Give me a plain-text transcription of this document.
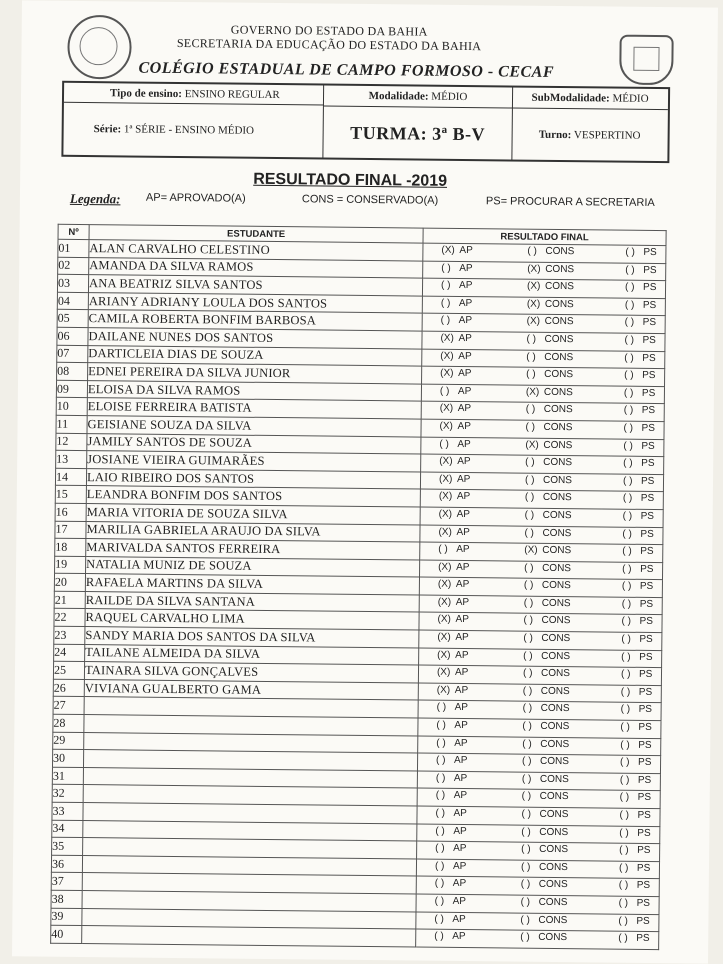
GOVERNO DO ESTADO DA BAHIA
SECRETARIA DA EDUCAÇÃO DO ESTADO DA BAHIA
COLÉGIO ESTADUAL DE CAMPO FORMOSO - CECAF
Tipo de ensino: ENSINO REGULAR	Modalidade: MÉDIO	SubModalidade: MÉDIO
Série: 1ª SÉRIE - ENSINO MÉDIO	TURMA: 3ª B-V	Turno: VESPERTINO
RESULTADO FINAL -2019
Legenda: AP= APROVADO(A)	CONS = CONSERVADO(A)	PS= PROCURAR A SECRETARIA
Nº	ESTUDANTE	RESULTADO FINAL
01	ALAN CARVALHO CELESTINO	(X) AP ( ) CONS ( ) PS

02	AMANDA DA SILVA RAMOS	( ) AP (X) CONS ( ) PS

03	ANA BEATRIZ SILVA SANTOS	( ) AP (X) CONS ( ) PS

04	ARIANY ADRIANY LOULA DOS SANTOS	( ) AP (X) CONS ( ) PS

05	CAMILA ROBERTA BONFIM BARBOSA	( ) AP (X) CONS ( ) PS

06	DAILANE NUNES DOS SANTOS	(X) AP ( ) CONS ( ) PS

07	DARTICLEIA DIAS DE SOUZA	(X) AP ( ) CONS ( ) PS

08	EDNEI PEREIRA DA SILVA JUNIOR	(X) AP ( ) CONS ( ) PS

09	ELOISA DA SILVA RAMOS	( ) AP (X) CONS ( ) PS

10	ELOISE FERREIRA BATISTA	(X) AP ( ) CONS ( ) PS

11	GEISIANE SOUZA DA SILVA	(X) AP ( ) CONS ( ) PS

12	JAMILY SANTOS DE SOUZA	( ) AP (X) CONS ( ) PS

13	JOSIANE VIEIRA GUIMARÃES	(X) AP ( ) CONS ( ) PS

14	LAIO RIBEIRO DOS SANTOS	(X) AP ( ) CONS ( ) PS

15	LEANDRA BONFIM DOS SANTOS	(X) AP ( ) CONS ( ) PS

16	MARIA VITORIA DE SOUZA SILVA	(X) AP ( ) CONS ( ) PS

17	MARILIA GABRIELA ARAUJO DA SILVA	(X) AP ( ) CONS ( ) PS

18	MARIVALDA SANTOS FERREIRA	( ) AP (X) CONS ( ) PS

19	NATALIA MUNIZ DE SOUZA	(X) AP ( ) CONS ( ) PS

20	RAFAELA MARTINS DA SILVA	(X) AP ( ) CONS ( ) PS

21	RAILDE DA SILVA SANTANA	(X) AP ( ) CONS ( ) PS

22	RAQUEL CARVALHO LIMA	(X) AP ( ) CONS ( ) PS

23	SANDY MARIA DOS SANTOS DA SILVA	(X) AP ( ) CONS ( ) PS

24	TAILANE ALMEIDA DA SILVA	(X) AP ( ) CONS ( ) PS

25	TAINARA SILVA GONÇALVES	(X) AP ( ) CONS ( ) PS

26	VIVIANA GUALBERTO GAMA	(X) AP ( ) CONS ( ) PS

27		( ) AP ( ) CONS ( ) PS

28		( ) AP ( ) CONS ( ) PS

29		( ) AP ( ) CONS ( ) PS

30		( ) AP ( ) CONS ( ) PS

31		( ) AP ( ) CONS ( ) PS

32		( ) AP ( ) CONS ( ) PS

33		( ) AP ( ) CONS ( ) PS

34		( ) AP ( ) CONS ( ) PS

35		( ) AP ( ) CONS ( ) PS

36		( ) AP ( ) CONS ( ) PS

37		( ) AP ( ) CONS ( ) PS

38		( ) AP ( ) CONS ( ) PS

39		( ) AP ( ) CONS ( ) PS

40		( ) AP ( ) CONS ( ) PS
